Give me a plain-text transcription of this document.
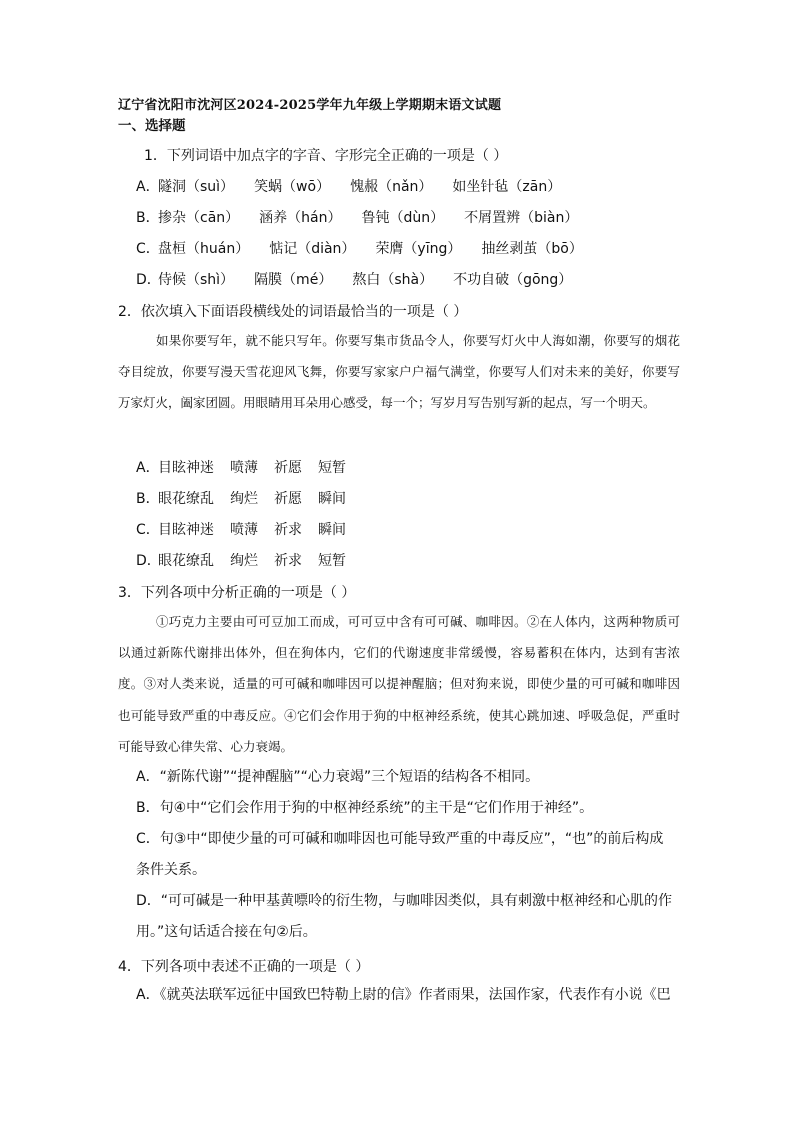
辽宁省沈阳市沈河区2024-2025学年九年级上学期期末语文试题
一、选择题
1．下列词语中加点字的字音、字形完全正确的一项是（ ）
A．隧洞（suì） 笑蜗（wō） 愧赧（nǎn） 如坐针毡（zān）
B．掺杂（cān） 涵养（hán） 鲁钝（dùn） 不屑置辨（biàn）
C．盘桓（huán） 惦记（diàn） 荣膺（yīng） 抽丝剥茧（bō）
D．侍候（shì） 隔膜（mé） 熬白（shà） 不功自破（gōng）
2．依次填入下面语段横线处的词语最恰当的一项是（ ）
如果你要写年，就不能只写年。你要写集市货品令人，你要写灯火中人海如潮，你要写的烟花夺目绽放，你要写漫天雪花迎风飞舞，你要写家家户户福气满堂，你要写人们对未来的美好，你要写万家灯火，阖家团圆。用眼睛用耳朵用心感受，每一个；写岁月写告别写新的起点，写一个明天。
A．目眩神迷 喷薄 祈愿 短暂
B．眼花缭乱 绚烂 祈愿 瞬间
C．目眩神迷 喷薄 祈求 瞬间
D．眼花缭乱 绚烂 祈求 短暂
3．下列各项中分析正确的一项是（ ）
①巧克力主要由可可豆加工而成，可可豆中含有可可碱、咖啡因。②在人体内，这两种物质可以通过新陈代谢排出体外，但在狗体内，它们的代谢速度非常缓慢，容易蓄积在体内，达到有害浓度。③对人类来说，适量的可可碱和咖啡因可以提神醒脑；但对狗来说，即使少量的可可碱和咖啡因也可能导致严重的中毒反应。④它们会作用于狗的中枢神经系统，使其心跳加速、呼吸急促，严重时可能导致心律失常、心力衰竭。
A．“新陈代谢”“提神醒脑”“心力衰竭”三个短语的结构各不相同。
B．句④中“它们会作用于狗的中枢神经系统”的主干是“它们作用于神经”。
C．句③中“即使少量的可可碱和咖啡因也可能导致严重的中毒反应”，“也”的前后构成
条件关系。
D．“可可碱是一种甲基黄嘌呤的衍生物，与咖啡因类似，具有刺激中枢神经和心肌的作
用。”这句话适合接在句②后。
4．下列各项中表述不正确的一项是（ ）
A．《就英法联军远征中国致巴特勒上尉的信》作者雨果，法国作家，代表作有小说《巴
